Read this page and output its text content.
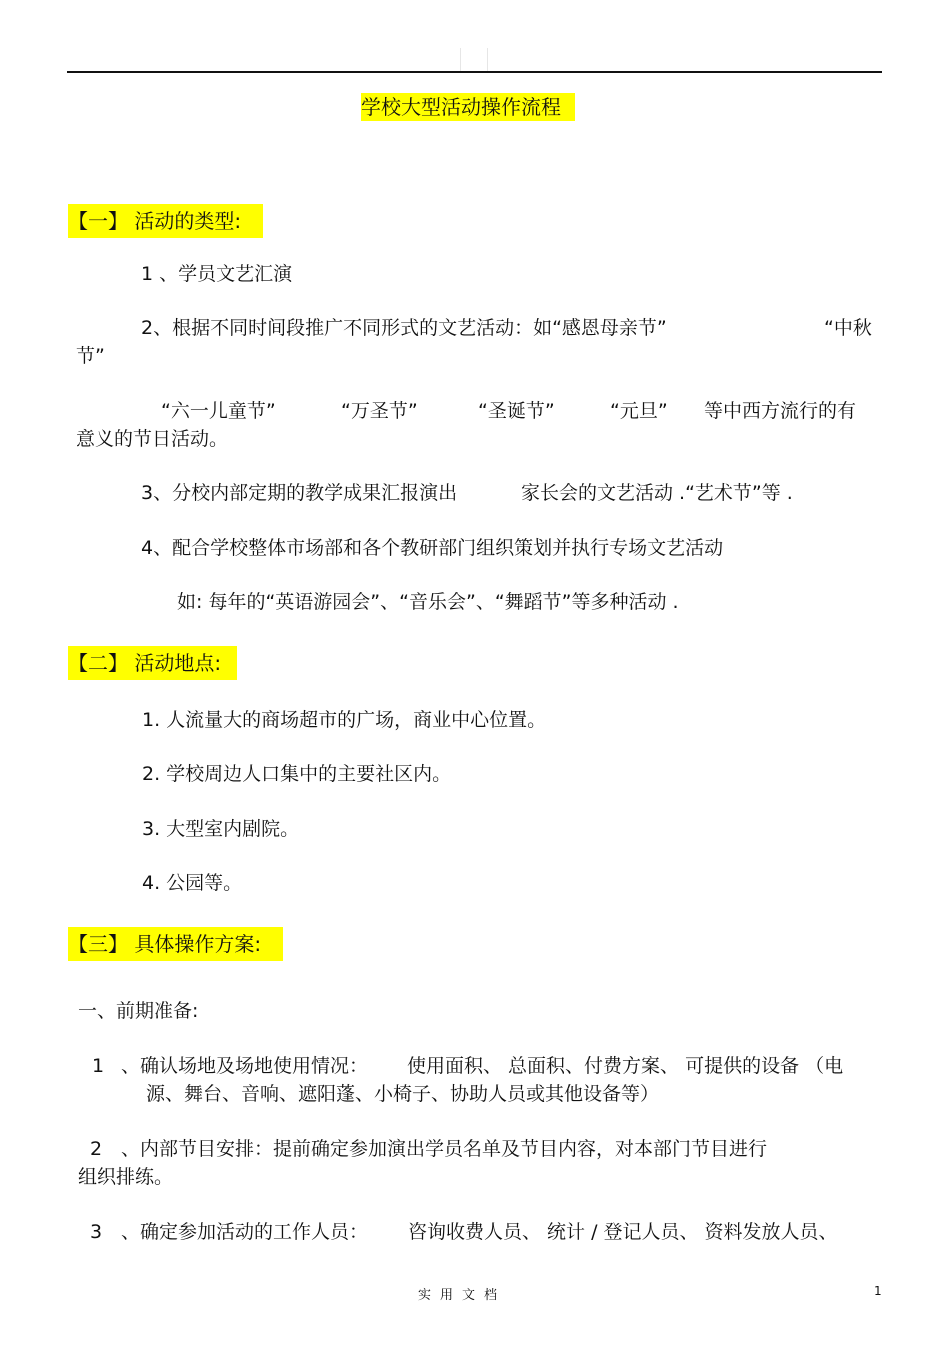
学校大型活动操作流程
【一】 活动的类型:
1 、学员文艺汇演
2、根据不同时间段推广不同形式的文艺活动：如“感恩母亲节”	“中秋
节”
“六一儿童节”	“万圣节”	“圣诞节”	“元旦” 等中西方流行的有
意义的节日活动。
3、分校内部定期的教学成果汇报演出	家长会的文艺活动 .“艺术节”等 .
4、配合学校整体市场部和各个教研部门组织策划并执行专场文艺活动
如: 每年的“英语游园会”、“音乐会”、“舞蹈节”等多种活动 .
【二】 活动地点:
1. 人流量大的商场超市的广场，商业中心位置。
2. 学校周边人口集中的主要社区内。
3. 大型室内剧院。
4. 公园等。
【三】 具体操作方案:
一、前期准备:
1 、确认场地及场地使用情况： 使用面积、 总面积、付费方案、 可提供的设备 （电
源、舞台、音响、遮阳蓬、小椅子、协助人员或其他设备等）
2 、内部节目安排：提前确定参加演出学员名单及节目内容，对本部门节目进行
组织排练。
3 、确定参加活动的工作人员： 咨询收费人员、 统计 / 登记人员、 资料发放人员、
实用文档	1
